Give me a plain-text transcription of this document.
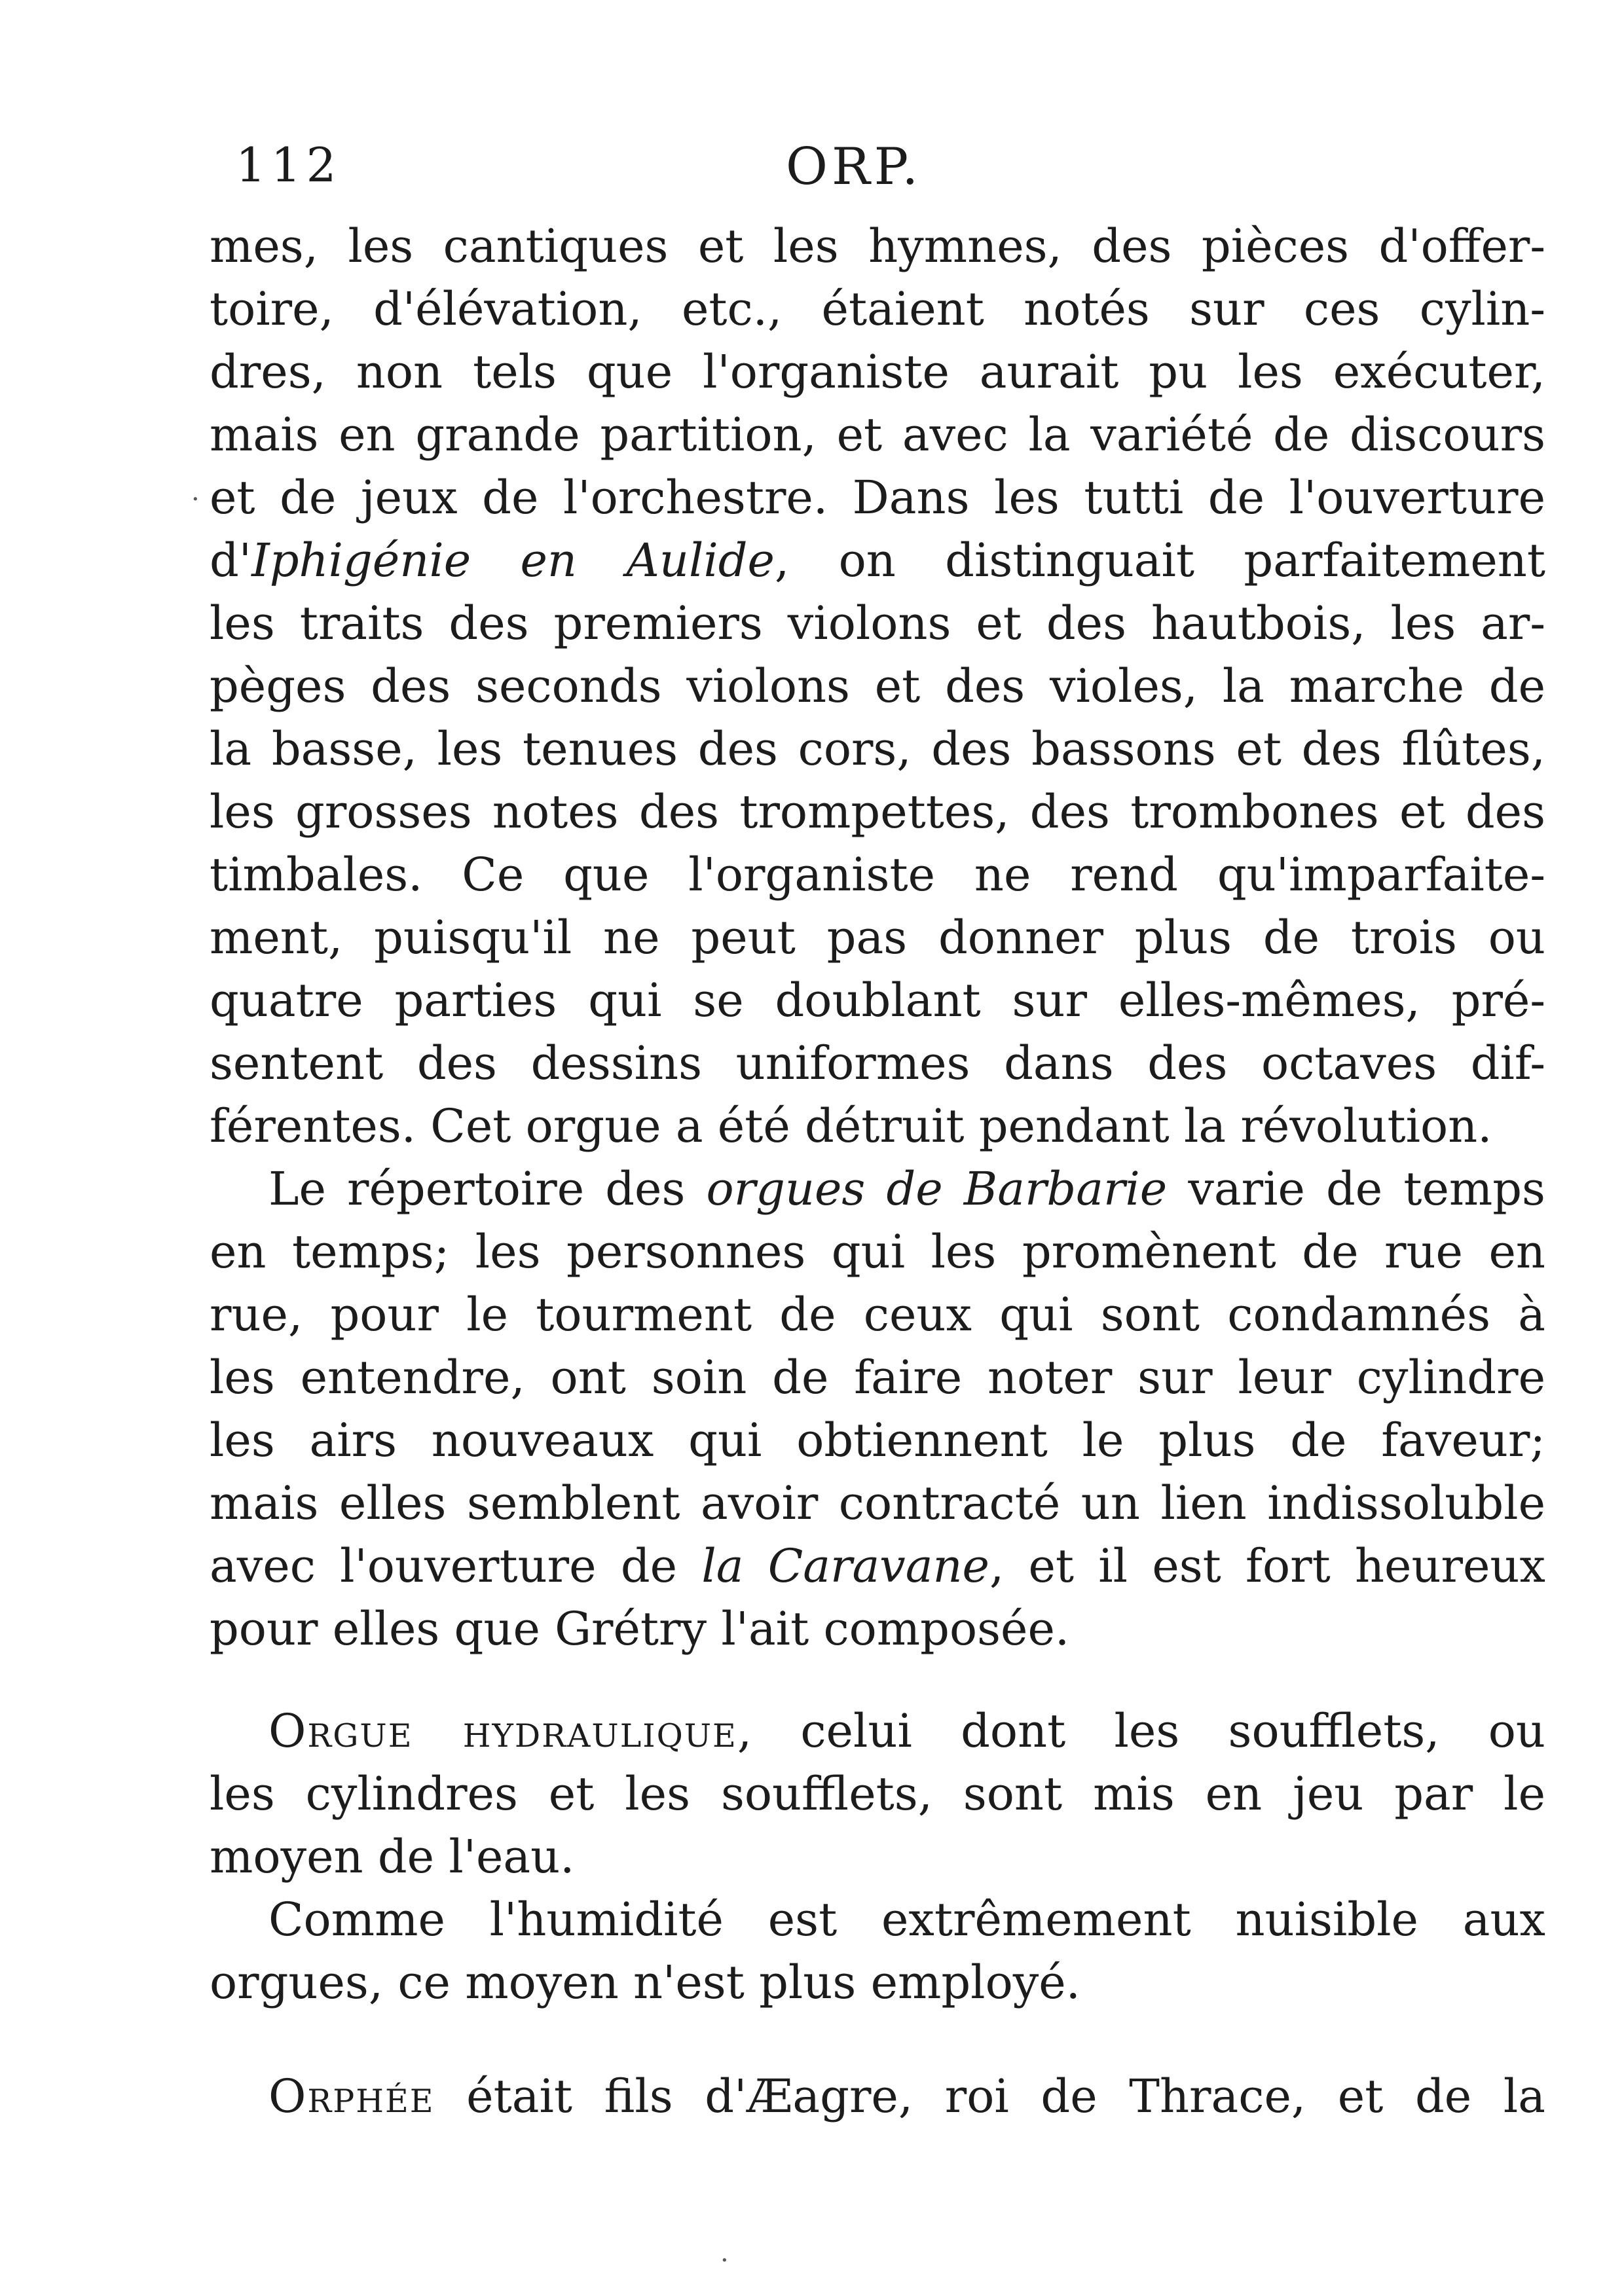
112	ORP.
mes, les cantiques et les hymnes, des pièces d'offer-
toire, d'élévation, etc., étaient notés sur ces cylin-
dres, non tels que l'organiste aurait pu les exécuter,
mais en grande partition, et avec la variété de discours
et de jeux de l'orchestre. Dans les tutti de l'ouverture
d'Iphigénie en Aulide, on distinguait parfaitement
les traits des premiers violons et des hautbois, les ar-
pèges des seconds violons et des violes, la marche de
la basse, les tenues des cors, des bassons et des flûtes,
les grosses notes des trompettes, des trombones et des
timbales. Ce que l'organiste ne rend qu'imparfaite-
ment, puisqu'il ne peut pas donner plus de trois ou
quatre parties qui se doublant sur elles-mêmes, pré-
sentent des dessins uniformes dans des octaves dif-
férentes. Cet orgue a été détruit pendant la révolution.
Le répertoire des orgues de Barbarie varie de temps
en temps; les personnes qui les promènent de rue en
rue, pour le tourment de ceux qui sont condamnés à
les entendre, ont soin de faire noter sur leur cylindre
les airs nouveaux qui obtiennent le plus de faveur;
mais elles semblent avoir contracté un lien indissoluble
avec l'ouverture de la Caravane, et il est fort heureux
pour elles que Grétry l'ait composée.
Orgue hydraulique, celui dont les soufflets, ou
les cylindres et les soufflets, sont mis en jeu par le
moyen de l'eau.
Comme l'humidité est extrêmement nuisible aux
orgues, ce moyen n'est plus employé.
Orphée était fils d'Æagre, roi de Thrace, et de la
·
·
